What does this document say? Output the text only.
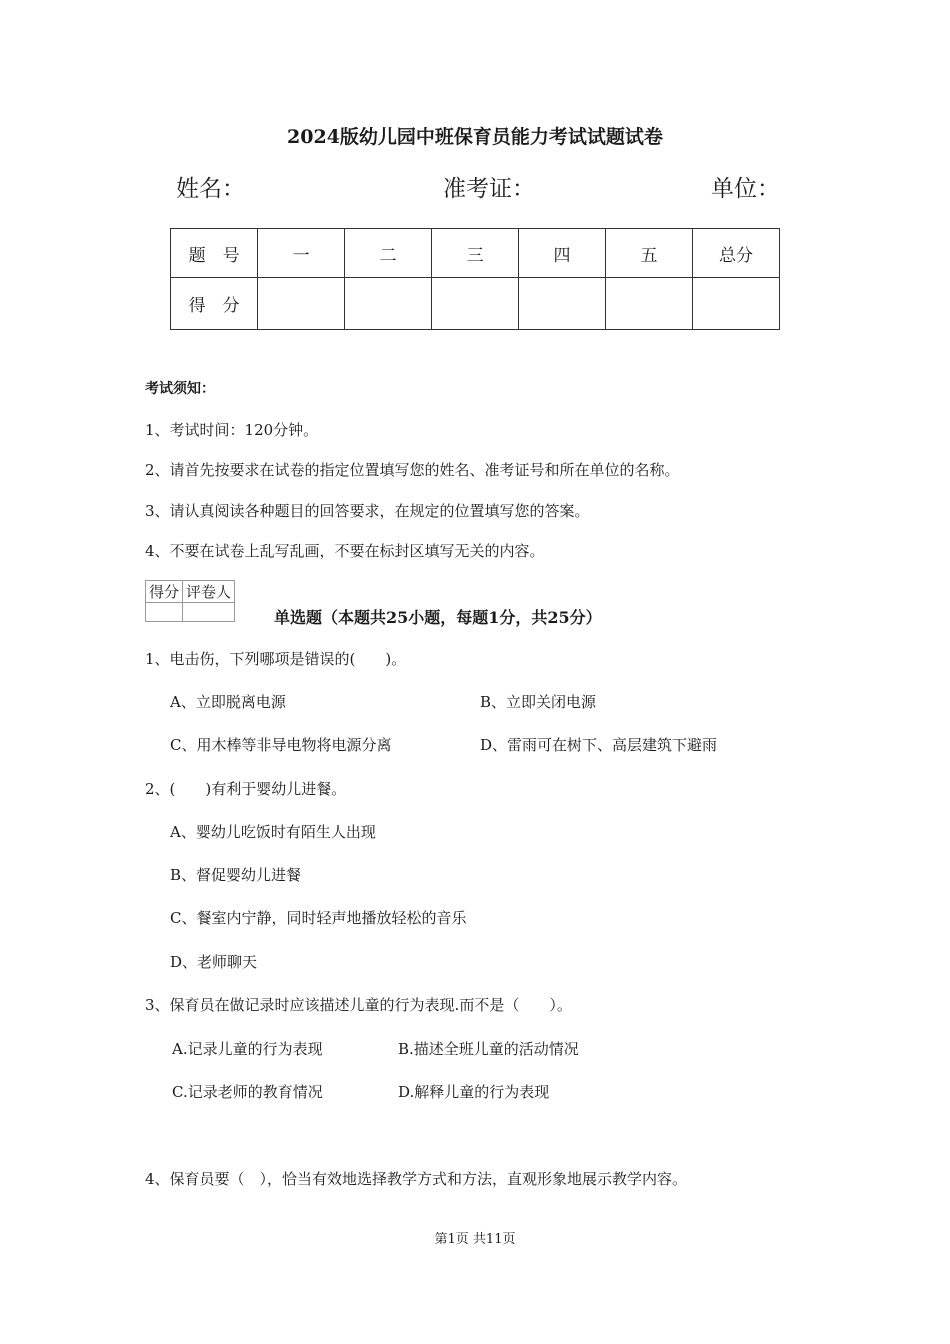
2024版幼儿园中班保育员能力考试试题试卷
姓名：	准考证：	单位：
题　号	一	二	三	四	五	总分
得　分						
考试须知：
1、考试时间：120分钟。
2、请首先按要求在试卷的指定位置填写您的姓名、准考证号和所在单位的名称。
3、请认真阅读各种题目的回答要求，在规定的位置填写您的答案。
4、不要在试卷上乱写乱画，不要在标封区填写无关的内容。
得分	评卷人

单选题（本题共25小题，每题1分，共25分）
1、电击伤，下列哪项是错误的(　　)。
A、立即脱离电源	B、立即关闭电源
C、用木棒等非导电物将电源分离	D、雷雨可在树下、高层建筑下避雨
2、(　　)有利于婴幼儿进餐。
A、婴幼儿吃饭时有陌生人出现
B、督促婴幼儿进餐
C、餐室内宁静，同时轻声地播放轻松的音乐
D、老师聊天
3、保育员在做记录时应该描述儿童的行为表现.而不是（　　）。
A.记录儿童的行为表现	B.描述全班儿童的活动情况
C.记录老师的教育情况	D.解释儿童的行为表现
4、保育员要（　），恰当有效地选择教学方式和方法，直观形象地展示教学内容。
第1页 共11页
